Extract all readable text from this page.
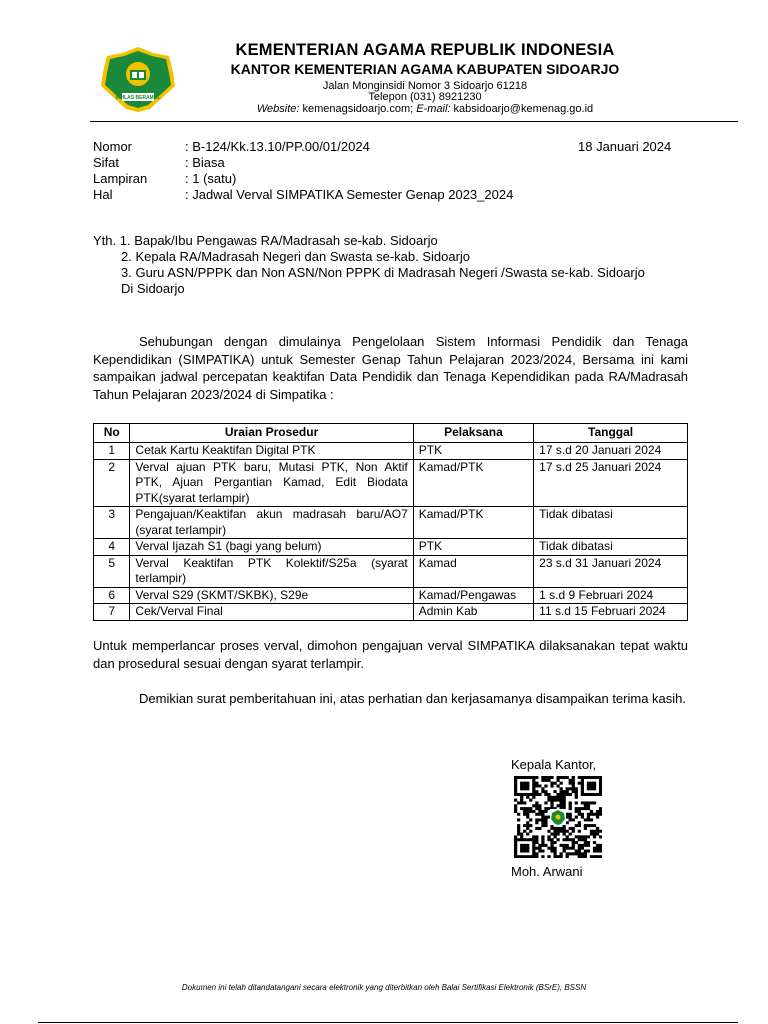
IKHLAS BERAMAL
KEMENTERIAN AGAMA REPUBLIK INDONESIA
KANTOR KEMENTERIAN AGAMA KABUPATEN SIDOARJO
Jalan Monginsidi Nomor 3 Sidoarjo 61218
Telepon (031) 8921230
Website: kemenagsidoarjo.com; E-mail: kabsidoarjo@kemenag.go.id
Nomor	: B-124/Kk.13.10/PP.00/01/2024
Sifat	: Biasa
Lampiran	: 1 (satu)
Hal	: Jadwal Verval SIMPATIKA Semester Genap 2023_2024
18 Januari 2024
Yth. 1. Bapak/Ibu Pengawas RA/Madrasah se-kab. Sidoarjo
2. Kepala RA/Madrasah Negeri dan Swasta se-kab. Sidoarjo
3. Guru ASN/PPPK dan Non ASN/Non PPPK di Madrasah Negeri /Swasta se-kab. Sidoarjo
Di Sidoarjo
Sehubungan dengan dimulainya Pengelolaan Sistem Informasi Pendidik dan Tenaga Kependidikan (SIMPATIKA) untuk Semester Genap Tahun Pelajaran 2023/2024, Bersama ini kami sampaikan jadwal percepatan keaktifan Data Pendidik dan Tenaga Kependidikan pada RA/Madrasah Tahun Pelajaran 2023/2024 di Simpatika :
No	Uraian Prosedur	Pelaksana	Tanggal
1	Cetak Kartu Keaktifan Digital PTK	PTK	17 s.d 20 Januari 2024
2	Verval ajuan PTK baru, Mutasi PTK, Non Aktif PTK, Ajuan Pergantian Kamad, Edit Biodata PTK(syarat terlampir)	Kamad/PTK	17 s.d 25 Januari 2024
3	Pengajuan/Keaktifan akun madrasah baru/AO7 (syarat terlampir)	Kamad/PTK	Tidak dibatasi
4	Verval Ijazah S1 (bagi yang belum)	PTK	Tidak dibatasi
5	Verval Keaktifan PTK Kolektif/S25a (syarat terlampir)	Kamad	23 s.d 31 Januari 2024
6	Verval S29 (SKMT/SKBK), S29e	Kamad/Pengawas	1 s.d 9 Februari 2024
7	Cek/Verval Final	Admin Kab	11 s.d 15 Februari 2024
Untuk memperlancar proses verval, dimohon pengajuan verval SIMPATIKA dilaksanakan tepat waktu dan prosedural sesuai dengan syarat terlampir.
Demikian surat pemberitahuan ini, atas perhatian dan kerjasamanya disampaikan terima kasih.
Kepala Kantor,
Moh. Arwani
Dokumen ini telah ditandatangani secara elektronik yang diterbitkan oleh Balai Sertifikasi Elektronik (BSrE), BSSN
